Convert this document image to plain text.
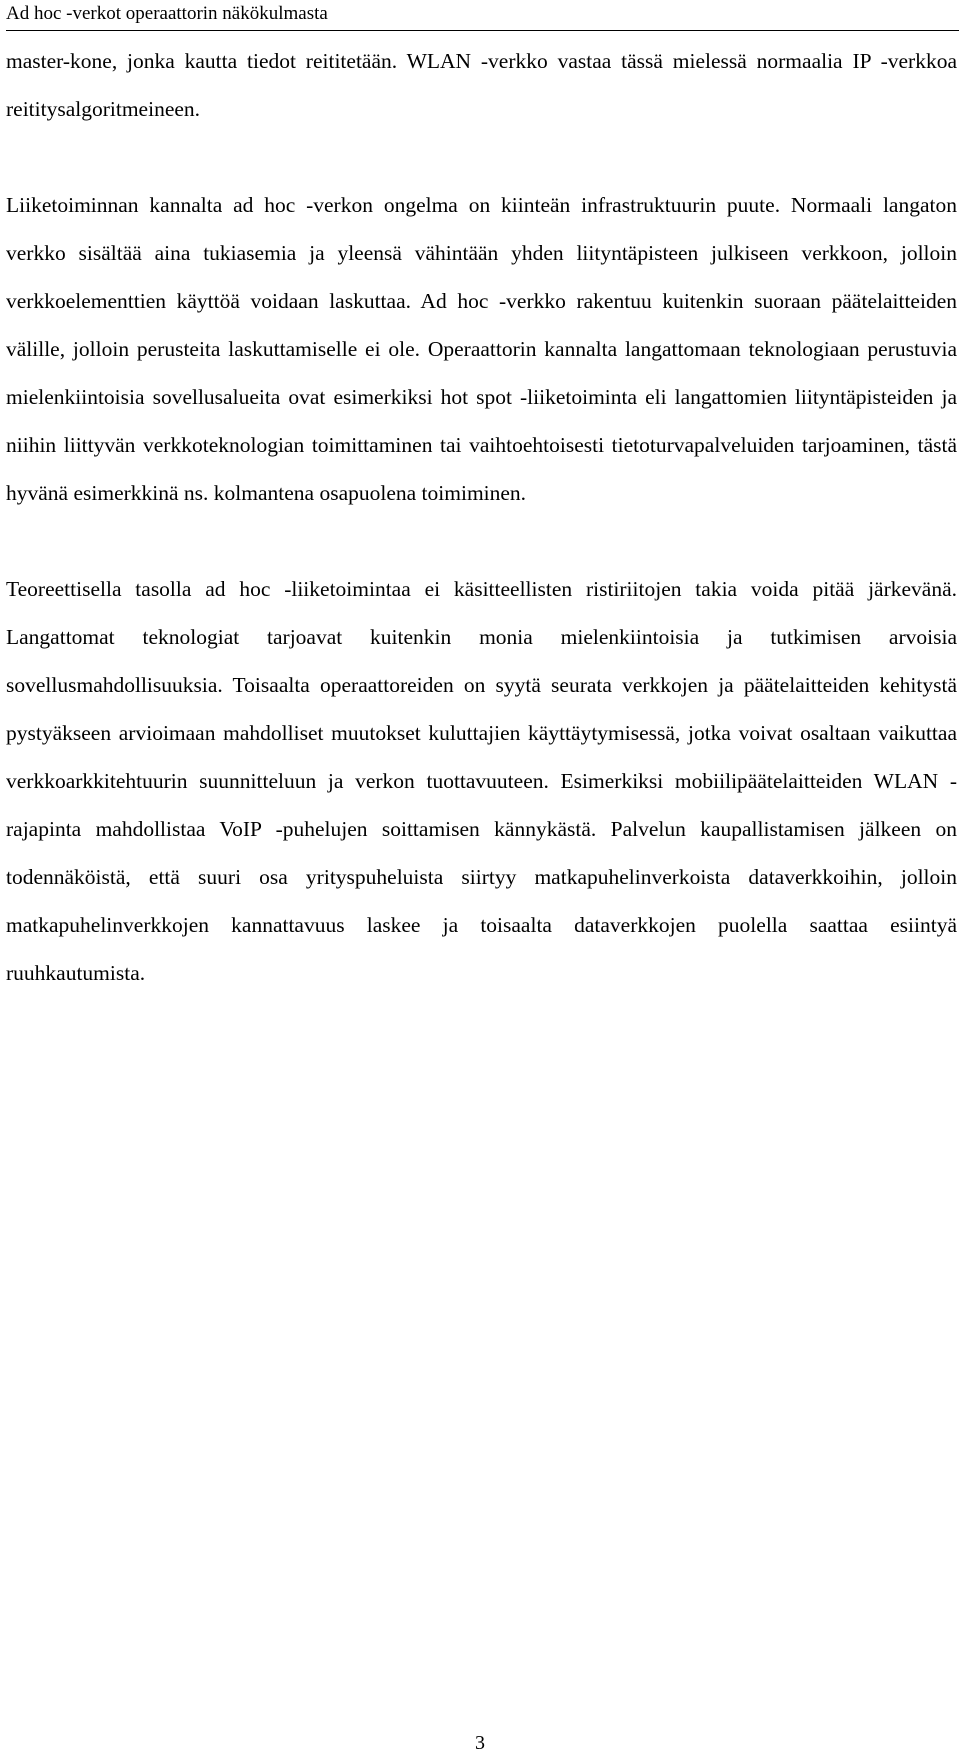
Ad hoc -verkot operaattorin näkökulmasta

master-kone, jonka kautta tiedot reititetään. WLAN -verkko vastaa tässä mielessä normaalia IP -verkkoa reititysalgoritmeineen.

Liiketoiminnan kannalta ad hoc -verkon ongelma on kiinteän infrastruktuurin puute. Normaali langaton verkko sisältää aina tukiasemia ja yleensä vähintään yhden liityntäpisteen julkiseen verkkoon, jolloin verkkoelementtien käyttöä voidaan laskuttaa. Ad hoc -verkko rakentuu kuitenkin suoraan päätelaitteiden välille, jolloin perusteita laskuttamiselle ei ole. Operaattorin kannalta langattomaan teknologiaan perustuvia mielenkiintoisia sovellusalueita ovat esimerkiksi hot spot -liiketoiminta eli langattomien liityntäpisteiden ja niihin liittyvän verkkoteknologian toimittaminen tai vaihtoehtoisesti tietoturvapalveluiden tarjoaminen, tästä hyvänä esimerkkinä ns. kolmantena osapuolena toimiminen.

Teoreettisella tasolla ad hoc -liiketoimintaa ei käsitteellisten ristiriitojen takia voida pitää järkevänä. Langattomat teknologiat tarjoavat kuitenkin monia mielenkiintoisia ja tutkimisen arvoisia sovellusmahdollisuuksia. Toisaalta operaattoreiden on syytä seurata verkkojen ja päätelaitteiden kehitystä pystyäkseen arvioimaan mahdolliset muutokset kuluttajien käyttäytymisessä, jotka voivat osaltaan vaikuttaa verkkoarkkitehtuurin suunnitteluun ja verkon tuottavuuteen. Esimerkiksi mobiilipäätelaitteiden WLAN -rajapinta mahdollistaa VoIP -puhelujen soittamisen kännykästä. Palvelun kaupallistamisen jälkeen on todennäköistä, että suuri osa yrityspuheluista siirtyy matkapuhelinverkoista dataverkkoihin, jolloin matkapuhelinverkkojen kannattavuus laskee ja toisaalta dataverkkojen puolella saattaa esiintyä ruuhkautumista.

3
